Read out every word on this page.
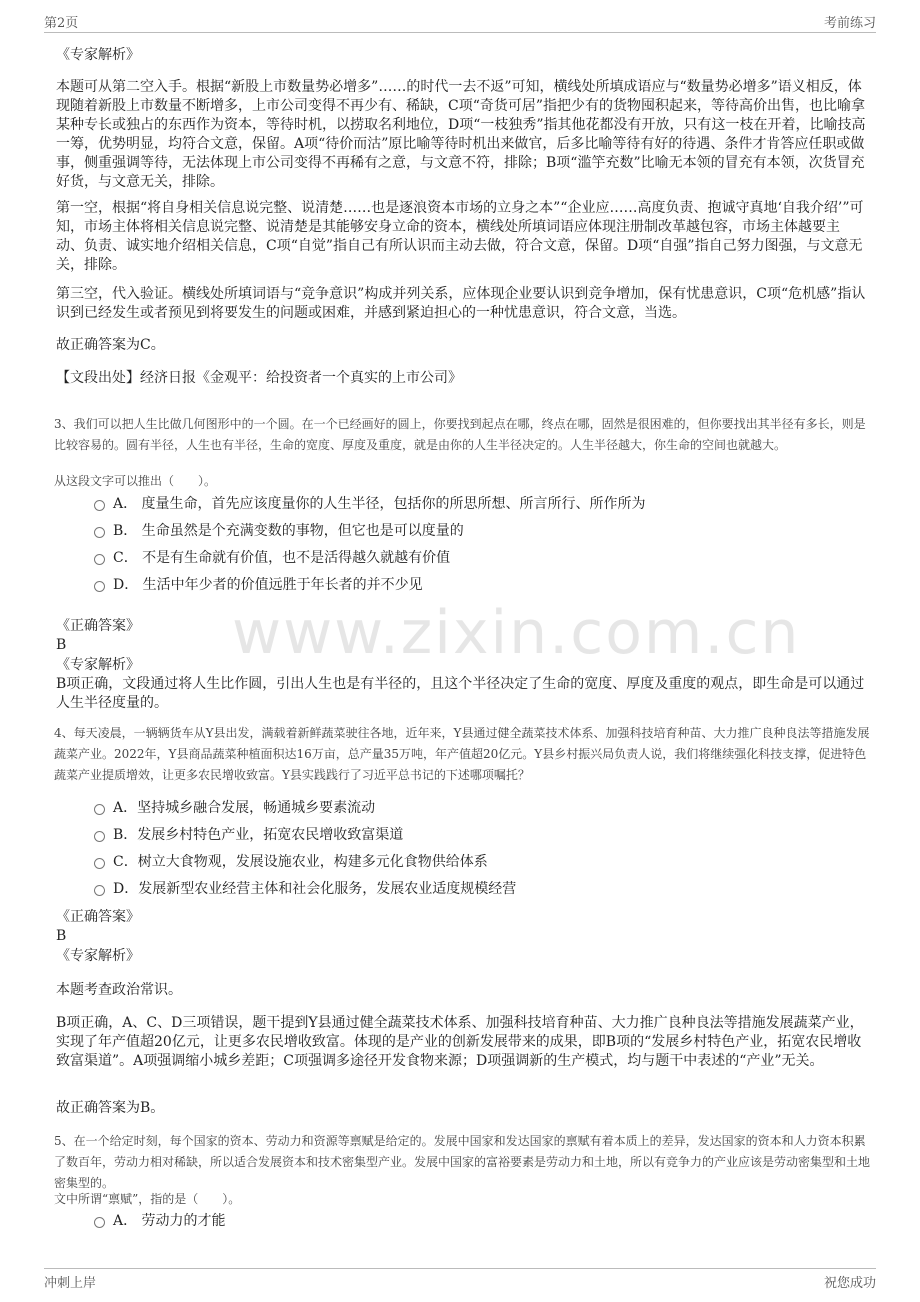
第2页	考前练习
www.zixin.com.cn
《专家解析》

本题可从第二空入手。根据“新股上市数量势必增多”……的时代一去不返”可知，横线处所填成语应与“数量势必增多”语义相反，体现随着新股上市数量不断增多，上市公司变得不再少有、稀缺，C项“奇货可居”指把少有的货物囤积起来，等待高价出售，也比喻拿某种专长或独占的东西作为资本，等待时机，以捞取名利地位，D项“一枝独秀”指其他花都没有开放，只有这一枝在开着，比喻技高一筹，优势明显，均符合文意，保留。A项“待价而沽”原比喻等待时机出来做官，后多比喻等待有好的待遇、条件才肯答应任职或做事，侧重强调等待，无法体现上市公司变得不再稀有之意，与文意不符，排除；B项“滥竽充数”比喻无本领的冒充有本领，次货冒充好货，与文意无关，排除。

第一空，根据“将自身相关信息说完整、说清楚……也是逐浪资本市场的立身之本”“企业应……高度负责、抱诚守真地‘自我介绍’”可知，市场主体将相关信息说完整、说清楚是其能够安身立命的资本，横线处所填词语应体现注册制改革越包容，市场主体越要主动、负责、诚实地介绍相关信息，C项“自觉”指自己有所认识而主动去做，符合文意，保留。D项“自强”指自己努力图强，与文意无关，排除。

第三空，代入验证。横线处所填词语与“竞争意识”构成并列关系，应体现企业要认识到竞争增加，保有忧患意识，C项“危机感”指认识到已经发生或者预见到将要发生的问题或困难，并感到紧迫担心的一种忧患意识，符合文意，当选。

故正确答案为C。

【文段出处】经济日报《金观平：给投资者一个真实的上市公司》

3、我们可以把人生比做几何图形中的一个圆。在一个已经画好的圆上，你要找到起点在哪，终点在哪，固然是很困难的，但你要找出其半径有多长，则是比较容易的。圆有半径，人生也有半径，生命的宽度、厚度及重度，就是由你的人生半径决定的。人生半径越大，你生命的空间也就越大。

从这段文字可以推出（　　）。

A． 度量生命，首先应该度量你的人生半径，包括你的所思所想、所言所行、所作所为
B． 生命虽然是个充满变数的事物，但它也是可以度量的
C． 不是有生命就有价值，也不是活得越久就越有价值
D． 生活中年少者的价值远胜于年长者的并不少见
《正确答案》
B
《专家解析》

B项正确，文段通过将人生比作圆，引出人生也是有半径的，且这个半径决定了生命的宽度、厚度及重度的观点，即生命是可以通过人生半径度量的。

4、每天凌晨，一辆辆货车从Y县出发，满载着新鲜蔬菜驶往各地，近年来，Y县通过健全蔬菜技术体系、加强科技培育种苗、大力推广良种良法等措施发展蔬菜产业。2022年，Y县商品蔬菜种植面积达16万亩，总产量35万吨，年产值超20亿元。Y县乡村振兴局负责人说，我们将继续强化科技支撑，促进特色蔬菜产业提质增效，让更多农民增收致富。Y县实践践行了习近平总书记的下述哪项嘱托？

A．坚持城乡融合发展，畅通城乡要素流动
B．发展乡村特色产业，拓宽农民增收致富渠道
C．树立大食物观，发展设施农业，构建多元化食物供给体系
D．发展新型农业经营主体和社会化服务，发展农业适度规模经营
《正确答案》
B
《专家解析》

本题考查政治常识。

B项正确，A、C、D三项错误，题干提到Y县通过健全蔬菜技术体系、加强科技培育种苗、大力推广良种良法等措施发展蔬菜产业，实现了年产值超20亿元，让更多农民增收致富。体现的是产业的创新发展带来的成果，即B项的“发展乡村特色产业，拓宽农民增收致富渠道”。A项强调缩小城乡差距；C项强调多途径开发食物来源；D项强调新的生产模式，均与题干中表述的“产业”无关。

故正确答案为B。

5、在一个给定时刻，每个国家的资本、劳动力和资源等禀赋是给定的。发展中国家和发达国家的禀赋有着本质上的差异，发达国家的资本和人力资本积累了数百年，劳动力相对稀缺，所以适合发展资本和技术密集型产业。发展中国家的富裕要素是劳动力和土地，所以有竞争力的产业应该是劳动密集型和土地密集型的。

文中所谓“禀赋”，指的是（　　）。

A． 劳动力的才能
冲刺上岸	祝您成功
